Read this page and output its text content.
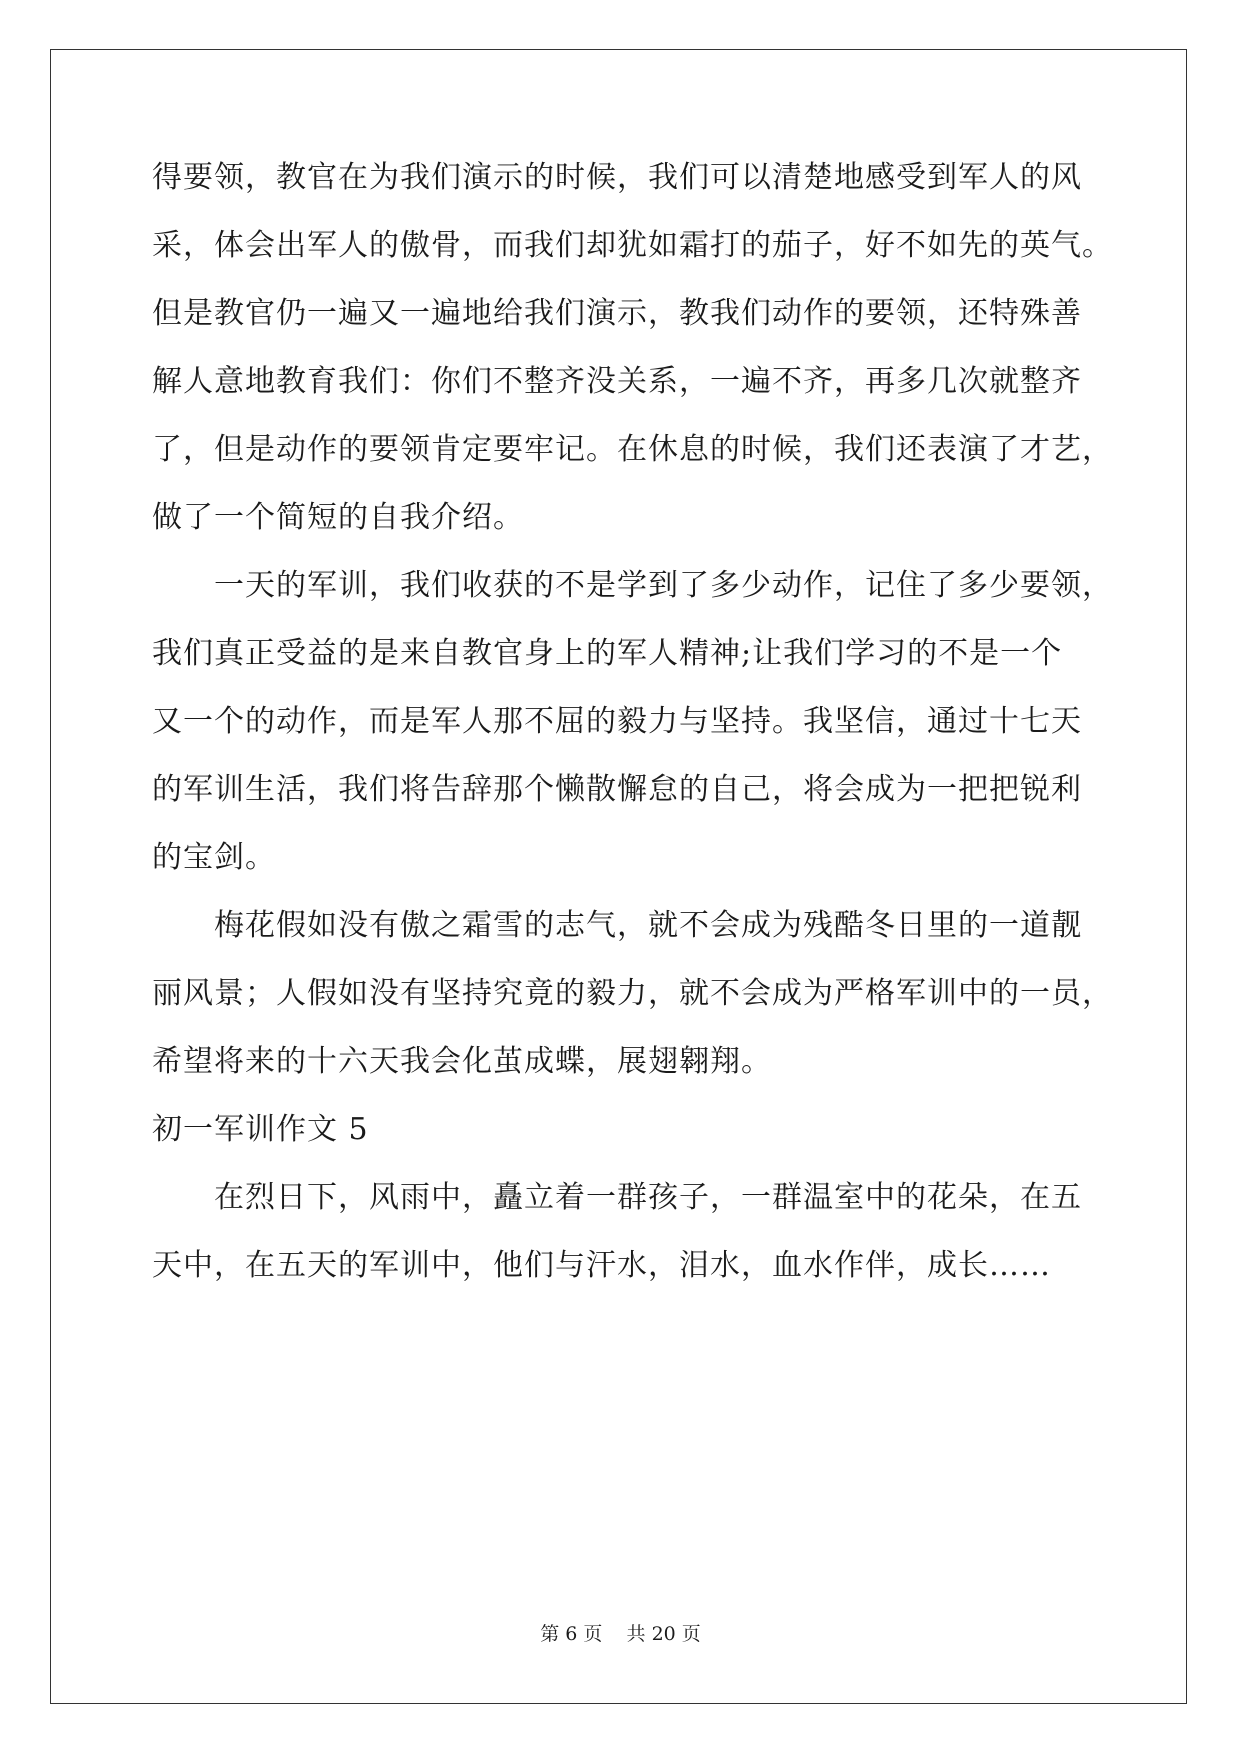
得要领，教官在为我们演示的时候，我们可以清楚地感受到军人的风
采，体会出军人的傲骨，而我们却犹如霜打的茄子，好不如先的英气。
但是教官仍一遍又一遍地给我们演示，教我们动作的要领，还特殊善
解人意地教育我们：你们不整齐没关系，一遍不齐，再多几次就整齐
了，但是动作的要领肯定要牢记。在休息的时候，我们还表演了才艺，
做了一个简短的自我介绍。
一天的军训，我们收获的不是学到了多少动作，记住了多少要领，
我们真正受益的是来自教官身上的军人精神;让我们学习的不是一个
又一个的动作，而是军人那不屈的毅力与坚持。我坚信，通过十七天
的军训生活，我们将告辞那个懒散懈怠的自己，将会成为一把把锐利
的宝剑。
梅花假如没有傲之霜雪的志气，就不会成为残酷冬日里的一道靓
丽风景；人假如没有坚持究竟的毅力，就不会成为严格军训中的一员，
希望将来的十六天我会化茧成蝶，展翅翱翔。
初一军训作文 5
在烈日下，风雨中，矗立着一群孩子，一群温室中的花朵，在五
天中，在五天的军训中，他们与汗水，泪水，血水作伴，成长……
第 6 页 共 20 页
